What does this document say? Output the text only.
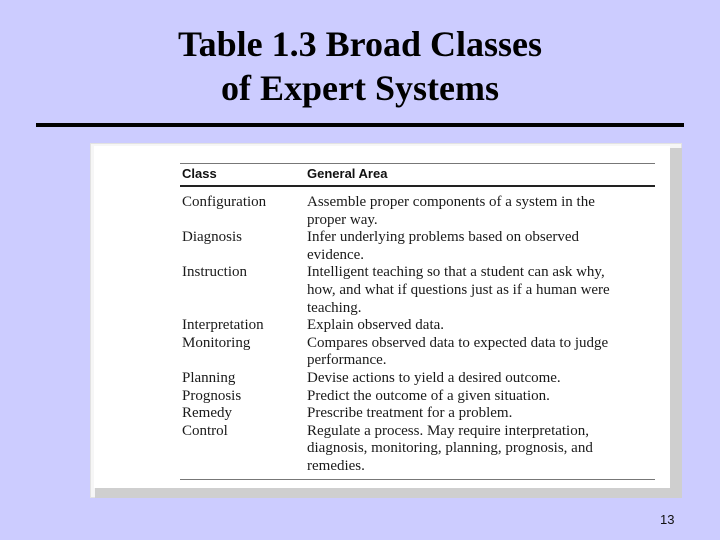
Table 1.3 Broad Classes
of Expert Systems
Class	General Area
Configuration	Assemble proper components of a system in the
proper way.
Diagnosis	Infer underlying problems based on observed
evidence.
Instruction	Intelligent teaching so that a student can ask why,
how, and what if questions just as if a human were
teaching.
Interpretation	Explain observed data.
Monitoring	Compares observed data to expected data to judge
performance.
Planning	Devise actions to yield a desired outcome.
Prognosis	Predict the outcome of a given situation.
Remedy	Prescribe treatment for a problem.
Control	Regulate a process. May require interpretation,
diagnosis, monitoring, planning, prognosis, and
remedies.
13
